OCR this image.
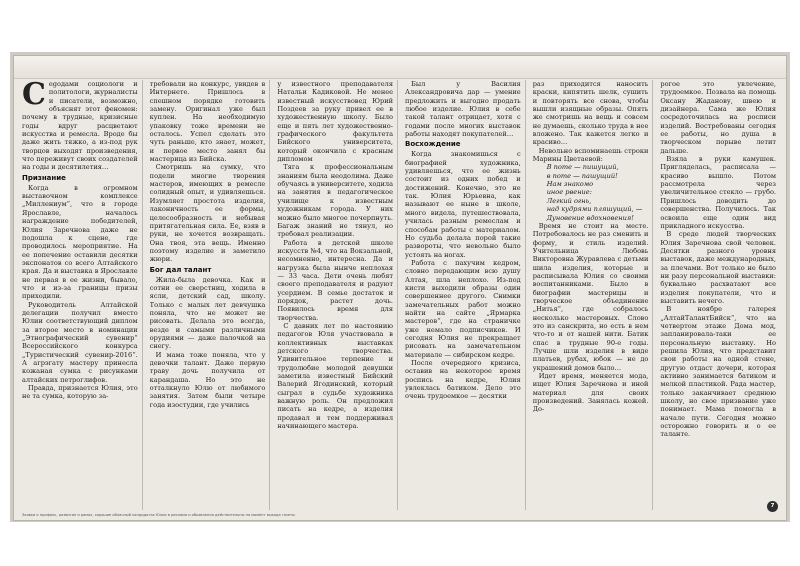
Сegодами социологи и политологи, журналисты и писатели, возможно, объяснят этот феномен: почему в трудные, кризисные годы вдруг расцветают искусства и ремесла. Вроде бы даже жить тяжко, а из-под рук творцов выходят произведения, что переживут своих создателей на годы и десятилетия…

Признание

Когда в огромном выставочном комплексе „Миллениум“, что в городе Ярославле, началось награждение победителей, Юлия Заречнова даже не подошла к сцене, где проводилось мероприятие. На ее попечение оставили десятки экспонатов со всего Алтайского края. Да и выставка в Ярославле не первая в ее жизни, бывало, что и из-за границы призы приходили.

Руководитель Алтайской делегации получил вместо Юлии соответствующий диплом за второе место в номинации „Этнографический сувенир“ Всероссийского конкурса „Туристический сувенир-2016“. А агрэгату мастеру принесла кожаная сумка с рисунками алтайских петроглифов.

Правда, признается Юлия, это не та сумка, которую за-

требовали на конкурс, увидев в Интернете. Пришлось в спешном порядке готовить замену. Оригинал уже был куплен. На необходимую упаковку тоже времени не осталось. Успел сделать это чуть раньше, кто знает, может, и первое место занял бы мастерица из Бийска.

Смотришь на сумку, что подели многие творения мастеров, имеющих в ремесле солидный опыт, и удивляешься. Изумляет простота изделия, лаконичность ее формы, целесообразность и небывая притягательная сила. Ее, взяв в руки, не хочется возвращать. Она твоя, эта вещь. Именно поэтому изделие и заметило жюри.

Бог дал талант

Жила-была девочка. Как и сотни ее сверстниц, ходила в ясли, детский сад, школу. Только с малых лет девчушка поняла, что не может не рисовать. Делала это всегда, везде и самыми различными орудиями — даже палочкой на снегу.

И мама тоже поняла, что у девочки талант. Даже первую траву дочь получила от карандаша. Но это не отталкнуло Юлю от любимого занятия. Затем были четыре года изостудии, где учились

у известного преподавателя Натальи Кадиковой. Не менее известный искусствовед Юрий Поздеев за руку привел ее в художественную школу. Было еще и пять лет художественно-графического факультета Бийского университета, который окончила с красным дипломом

Тяга к профессиональным знаниям была неодолима. Даже обучаясь в университете, ходила на занятия в педагогическое училище к известным художникам города. У них можно было многое почерпнуть. Багаж знаний не тянул, но требовал реализации.

Работа в детской школе искусств №4, что на Вокзальной, несомненно, интересна. Да и нагрузка была нынче неплохая — 33 часа. Дети очень любят своего преподавателя и радуют усердием. В семье достаток и порядок, растет дочь. Появилось время для творчества.

С давних лет по настоянию педагогов Юля участвовала в коллективных выставках детского творчества. Удивительное терпение и трудолюбие молодой девушки заметила известный Бийский Валерий Ягодинский, который сыграл в судьбе художника важную роль. Он предложил писать на кедре, а изделия продавал и тем поддерживал начинающего мастера.

Был у Василия Александровича дар — умение предложить и выгодно продать любое изделие. Юлия в себе такой талант отрицает, хотя с годами после многих выставок работы находят покупателей…

Восхождение

Когда знакомишься с биографией художника, удивляешься, что ее жизнь состоит из одних побед и достижений. Конечно, это не так. Юлия Юрьевна, как называют ее ныне в школе, много видела, путешествовала, училась разным ремеслам и способам работы с материалом. Но судьба делала порой такие развороты, что невольно было устоять на ногах.

Работа с пахучим кедром, словно передающим всю душу Алтая, шла неплохо. Из-под кисти выходили образы один совершеннее другого. Снимки замечательных работ можно найти на сайте „Ярмарка мастеров“, где на страничке уже немало подписчиков. И сегодня Юлия не прекращает рисовать на замечательном материале — сибирском кедре.

После очередного кризиса, оставив на некоторое время роспись на кедре, Юлия увлеклась батиком. Дело это очень трудоемкое — десятки

раз приходится наносить краски, кипятить шелк, сушить и повторять все снова, чтобы вышли изящные образы. Опять же смотришь на вещь и совсем не думаешь, сколько труда в нее вложено. Так кажется легко и красиво…

Невольно вспоминаешь строки Марины Цветаевой:

В поте — пишущий,
в поте — пашущий!
Нам знакомо
иное рвение:
Легкий огнь,
над кудрями пляшущий, —
Дуновение вдохновения!

Время не стоит на месте. Потребовалось не раз сменить и форму, и стиль изделий. Учительница Любовь Викторовна Журавлева с детьми шила изделия, которые и расписывала Юлия со своими воспитанниками. Было в биографии мастерицы и творческое объединение „Нитья“, где собралось несколько мастеровых. Слово это из санскрита, но есть в нем что-то и от нашей нити. Батик спас в трудные 90-е годы. Лучше шли изделия в виде платьев, рубах, юбок — не до украшений домов было…

Идет время, меняется мода, ищет Юлия Заречнова и иной материал для своих произведений. Занялась кожей. До-

рогое это увлечение, трудоемкое. Позвала на помощь Оксану Жаданову, швею и дизайнера. Сама же Юлия сосредоточилась на росписи изделий. Востребованы сегодня ее работы, но душа в творческом порыве летит дальше.

Взяла в руки камушек. Пригляделась, расписала — красиво вышло. Потом рассмотрела через увеличительное стекло — грубо. Пришлось доводить до совершенства. Получилось. Так освоила еще один вид прикладного искусства.

В среде людей творческих Юлия Заречнова свой человек. Десятки разного уровня выставок, даже международных, за плечами. Вот только не было ни разу персональной выставки: буквально расхватают все изделия покупатели, что и выставить нечего.

В ноябре галерея „АлтайТалантБийск“, что на четвертом этаже Дома мод, запланировала-таки ее персональную выставку. Но решила Юлия, что представит свои работы на одной стене, другую отдаст дочери, которая активно занимается батиком и мелкой пластикой. Рада мастер, только заканчивает среднюю школу, но свое призвание уже понимает. Мама помогла в начале пути. Сегодня можно осторожно говорить и о ее таланте.

Заявки о профиль, развитие и рамах, хорошие облачный кандидатах Юлия в реклама и обьявления действительны на момент выхода газеты
7
